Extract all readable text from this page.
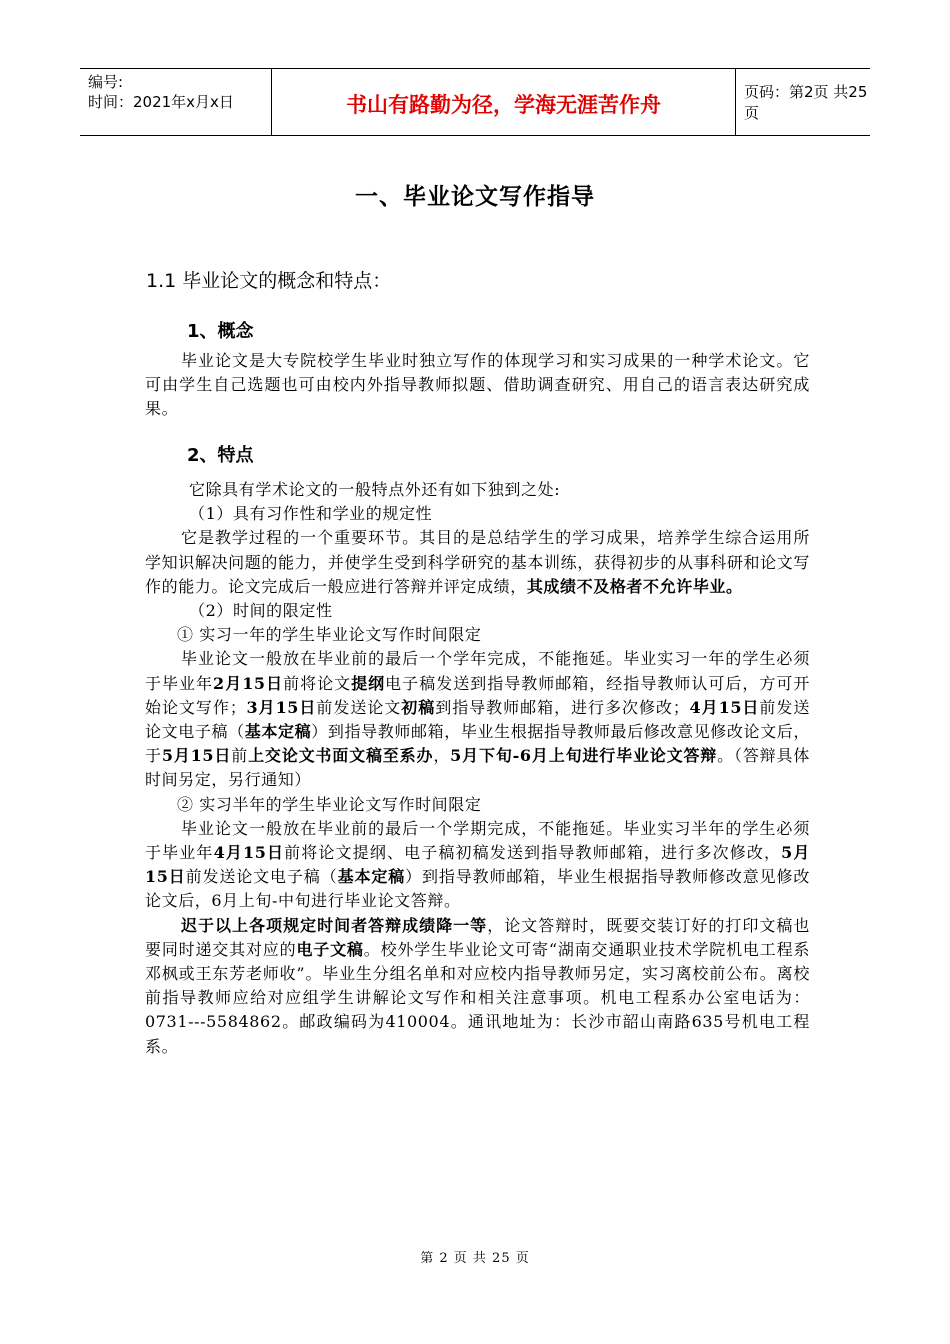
编号:
时间：2021年x月x日	书山有路勤为径，学海无涯苦作舟
页码：第2页 共25页
一、毕业论文写作指导
1.1 毕业论文的概念和特点：
1、概念

毕业论文是大专院校学生毕业时独立写作的体现学习和实习成果的一种学术论文。它可由学生自己选题也可由校内外指导教师拟题、借助调查研究、用自己的语言表达研究成果。

2、特点

它除具有学术论文的一般特点外还有如下独到之处:

（1）具有习作性和学业的规定性

它是教学过程的一个重要环节。其目的是总结学生的学习成果，培养学生综合运用所学知识解决问题的能力，并使学生受到科学研究的基本训练，获得初步的从事科研和论文写作的能力。论文完成后一般应进行答辩并评定成绩，其成绩不及格者不允许毕业。

（2）时间的限定性

① 实习一年的学生毕业论文写作时间限定

毕业论文一般放在毕业前的最后一个学年完成，不能拖延。毕业实习一年的学生必须于毕业年2月15日前将论文提纲电子稿发送到指导教师邮箱，经指导教师认可后，方可开始论文写作；3月15日前发送论文初稿到指导教师邮箱，进行多次修改；4月15日前发送论文电子稿（基本定稿）到指导教师邮箱，毕业生根据指导教师最后修改意见修改论文后，于5月15日前上交论文书面文稿至系办，5月下旬-6月上旬进行毕业论文答辩。（答辩具体时间另定，另行通知）

② 实习半年的学生毕业论文写作时间限定

毕业论文一般放在毕业前的最后一个学期完成，不能拖延。毕业实习半年的学生必须于毕业年4月15日前将论文提纲、电子稿初稿发送到指导教师邮箱，进行多次修改，5月15日前发送论文电子稿（基本定稿）到指导教师邮箱，毕业生根据指导教师修改意见修改论文后，6月上旬-中旬进行毕业论文答辩。

迟于以上各项规定时间者答辩成绩降一等，论文答辩时，既要交装订好的打印文稿也要同时递交其对应的电子文稿。校外学生毕业论文可寄“湖南交通职业技术学院机电工程系邓枫或王东芳老师收”。毕业生分组名单和对应校内指导教师另定，实习离校前公布。离校前指导教师应给对应组学生讲解论文写作和相关注意事项。机电工程系办公室电话为：0731---5584862。邮政编码为410004。通讯地址为：长沙市韶山南路635号机电工程系。

第 2 页 共 25 页
